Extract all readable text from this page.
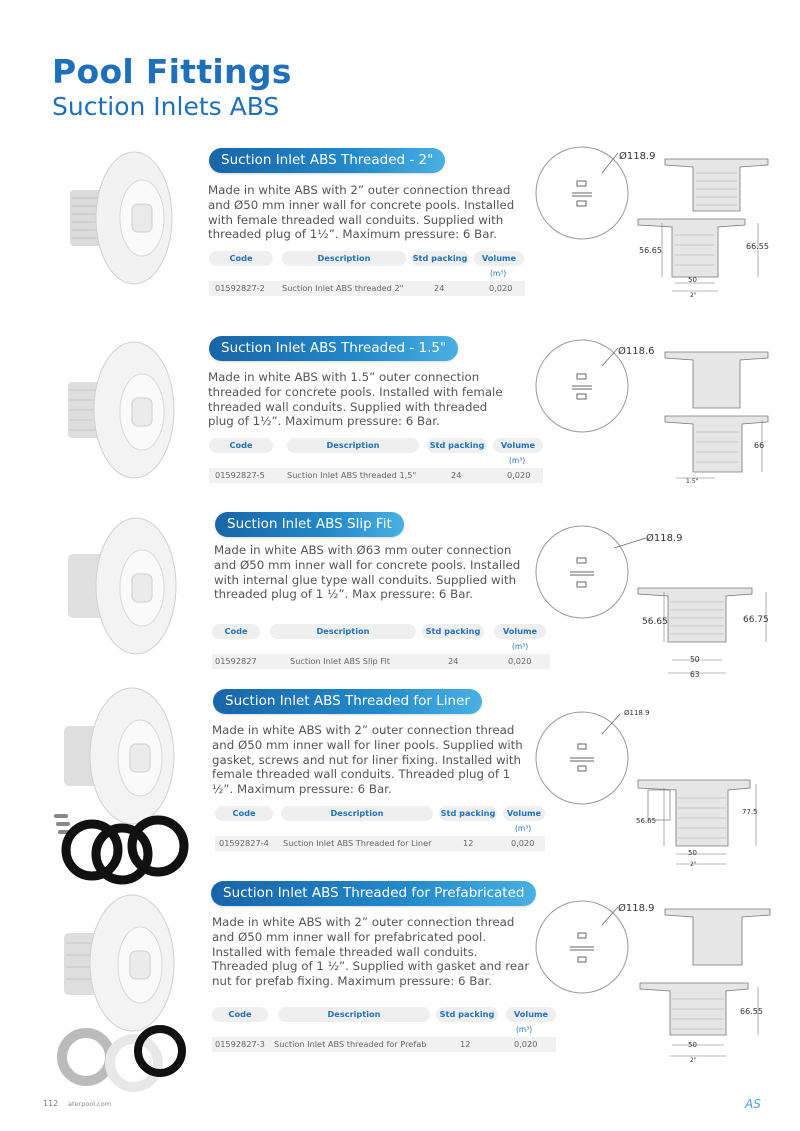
Pool Fittings
Suction Inlets ABS
Suction Inlet ABS Threaded - 2"

Made in white ABS with 2” outer connection thread and Ø50 mm inner wall for concrete pools. Installed with female threaded wall conduits. Supplied with threaded plug of 1½”. Maximum pressure: 6 Bar.

Code	Description	Std packing	Volume
(m³)
01592827-2 Suction Inlet ABS threaded 2"	24	0,020
Ø118.9
56.65	66.55
50
2"
Suction Inlet ABS Threaded - 1.5"

Made in white ABS with 1.5” outer connection threaded for concrete pools. Installed with female threaded wall conduits. Supplied with threaded plug of 1½”. Maximum pressure: 6 Bar.

Code	Description	Std packing	Volume
(m³)
01592827-5	Suction Inlet ABS threaded 1,5"	24	0,020
Ø118.6
66
1.5"
Suction Inlet ABS Slip Fit

Made in white ABS with Ø63 mm outer connection and Ø50 mm inner wall for concrete pools. Installed with internal glue type wall conduits. Supplied with threaded plug of 1 ½”. Max pressure: 6 Bar.

Code	Description	Std packing	Volume
(m³)
01592827	Suction Inlet ABS Slip Fit	24	0,020
Ø118.9
56.65	66.75
50
63
Suction Inlet ABS Threaded for Liner

Made in white ABS with 2” outer connection thread and Ø50 mm inner wall for liner pools. Supplied with gasket, screws and nut for liner fixing. Installed with female threaded wall conduits. Threaded plug of 1 ½”. Maximum pressure: 6 Bar.

Code	Description	Std packing	Volume
(m³)
01592827-4 Suction Inlet ABS Threaded for Liner	12	0,020
Ø118.9
56.65
77.5
50
2"
Suction Inlet ABS Threaded for Prefabricated

Made in white ABS with 2” outer connection thread and Ø50 mm inner wall for prefabricated pool. Installed with female threaded wall conduits. Threaded plug of 1 ½”. Supplied with gasket and rear nut for prefab fixing. Maximum pressure: 6 Bar.

Code	Description	Std packing	Volume
(m³)
01592827-3 Suction Inlet ABS threaded for Prefab	12	0,020
Ø118.9
66.55
50
2"
112 aterpool.com	AS
